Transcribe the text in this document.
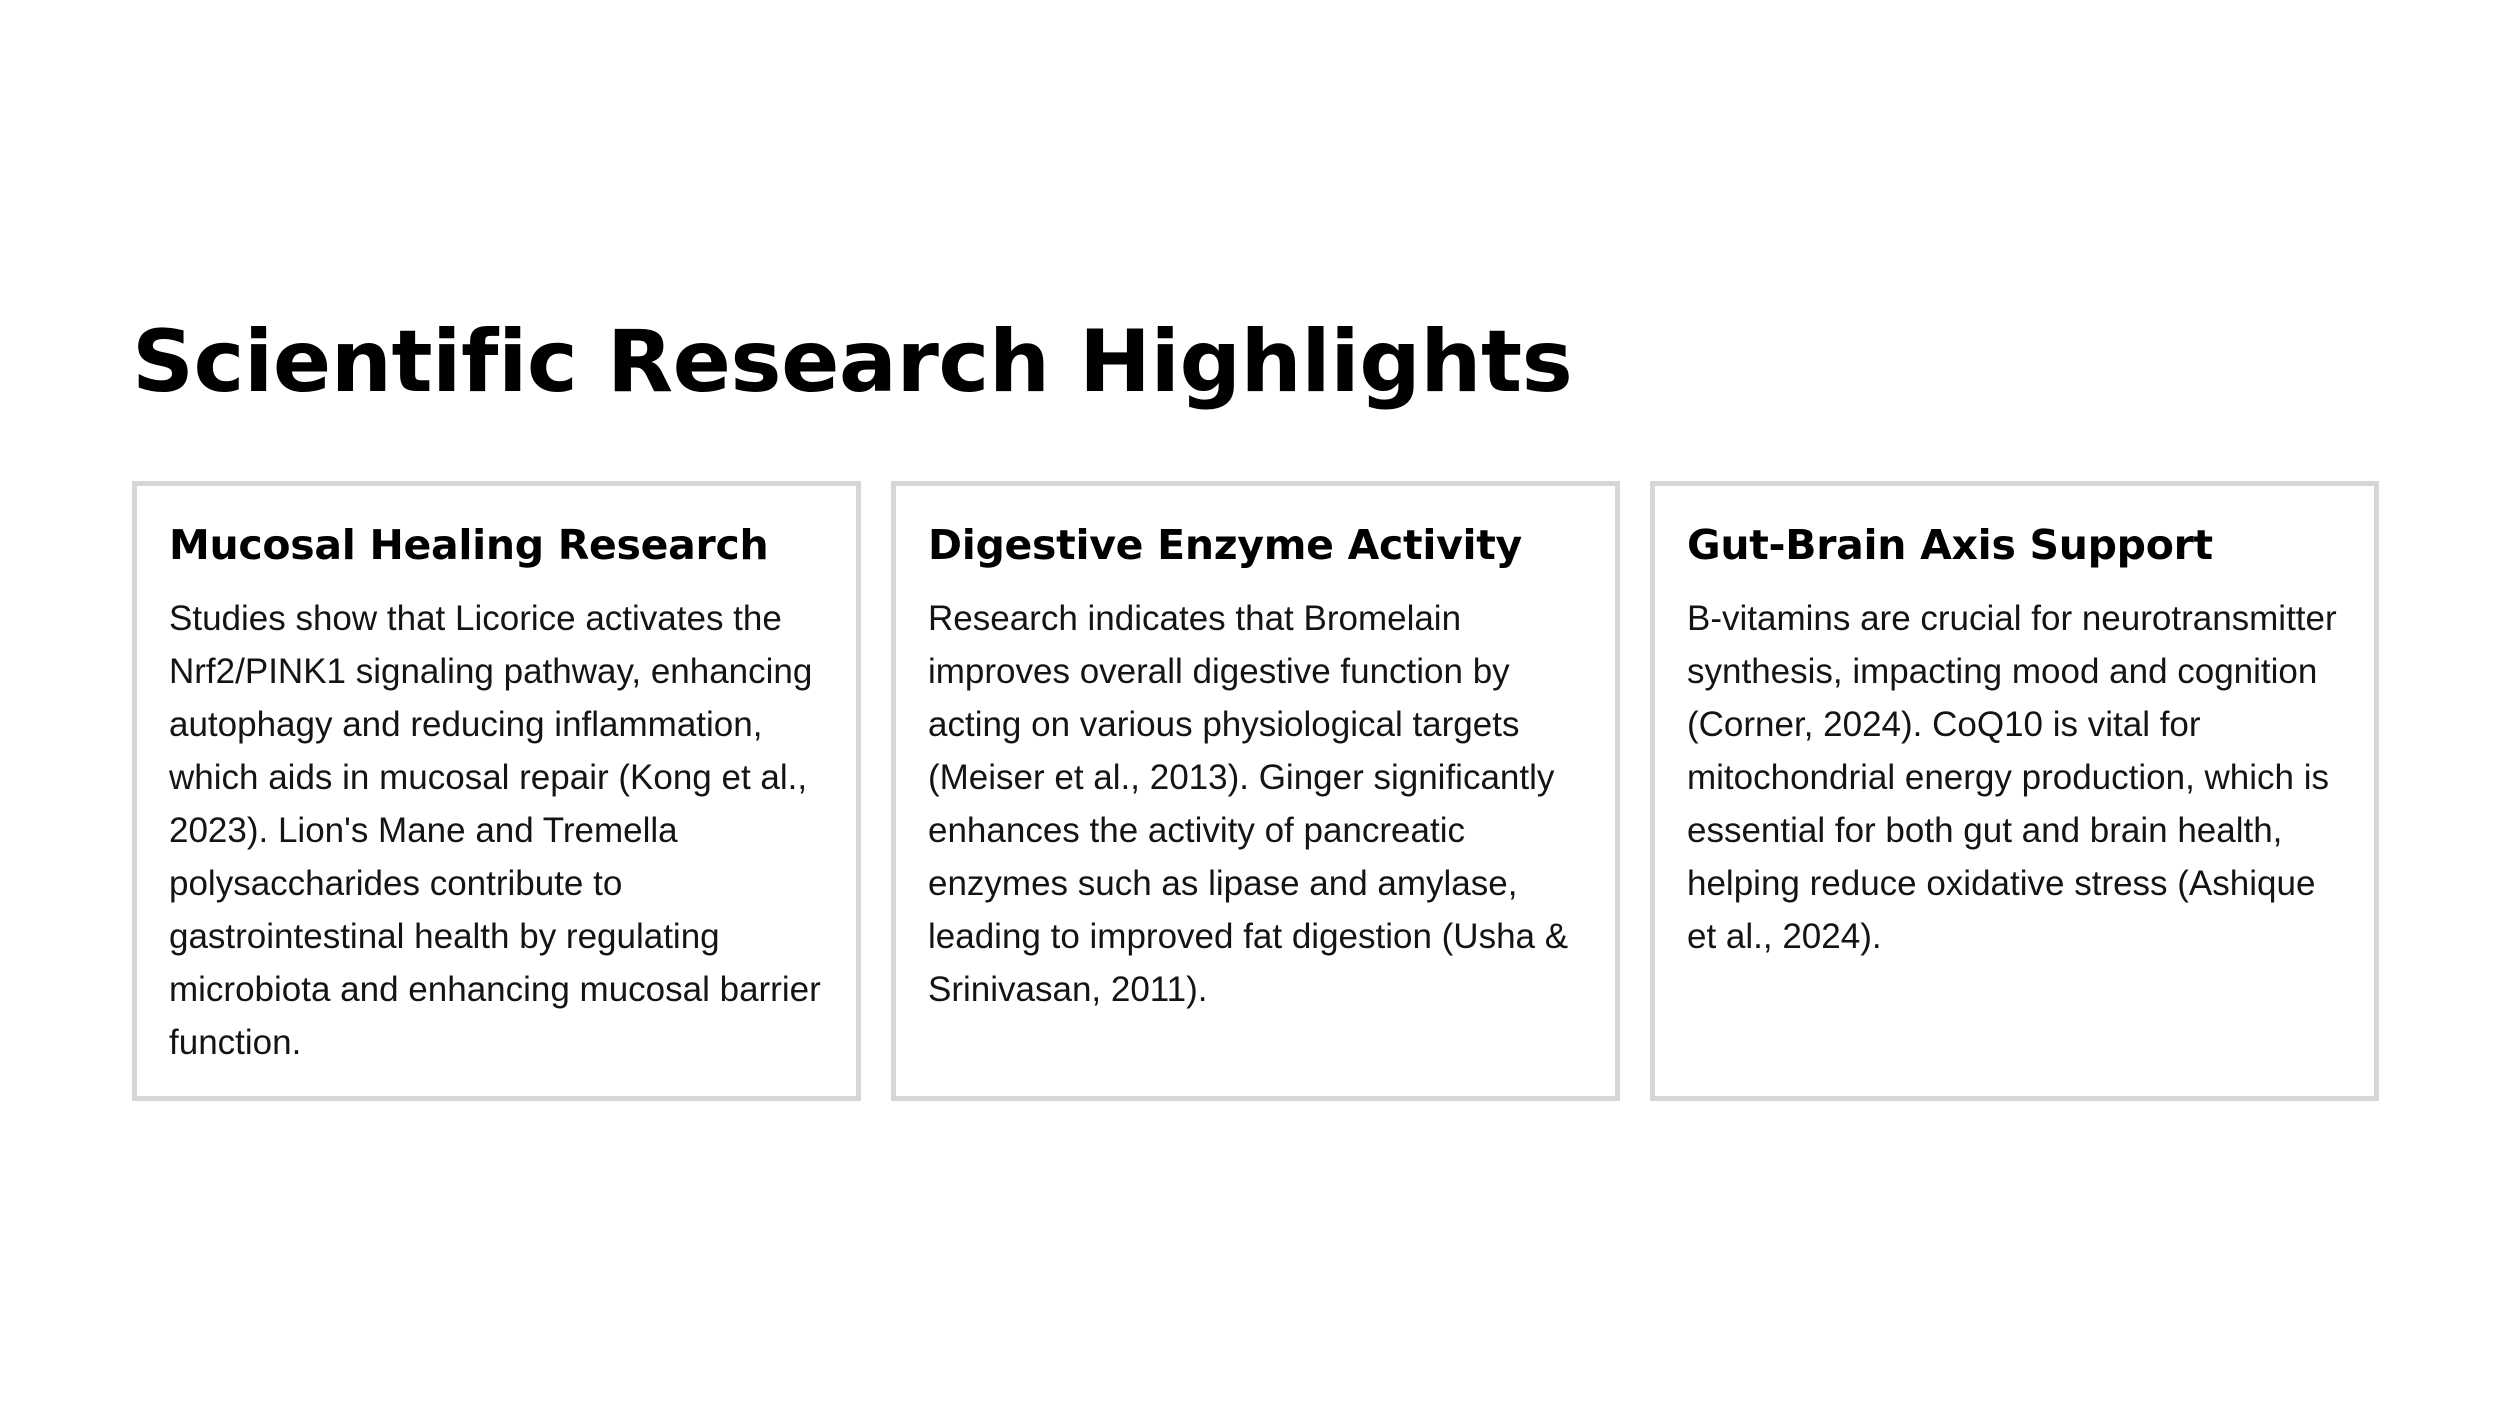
Scientific Research Highlights
Mucosal Healing Research

Studies show that Licorice activates the Nrf2/PINK1 signaling pathway, enhancing autophagy and reducing inflammation, which aids in mucosal repair (Kong et al., 2023). Lion's Mane and Tremella polysaccharides contribute to gastrointestinal health by regulating microbiota and enhancing mucosal barrier function.

Digestive Enzyme Activity

Research indicates that Bromelain improves overall digestive function by acting on various physiological targets (Meiser et al., 2013). Ginger significantly enhances the activity of pancreatic enzymes such as lipase and amylase, leading to improved fat digestion (Usha & Srinivasan, 2011).

Gut-Brain Axis Support

B-vitamins are crucial for neurotransmitter synthesis, impacting mood and cognition (Corner, 2024). CoQ10 is vital for mitochondrial energy production, which is essential for both gut and brain health, helping reduce oxidative stress (Ashique et al., 2024).
